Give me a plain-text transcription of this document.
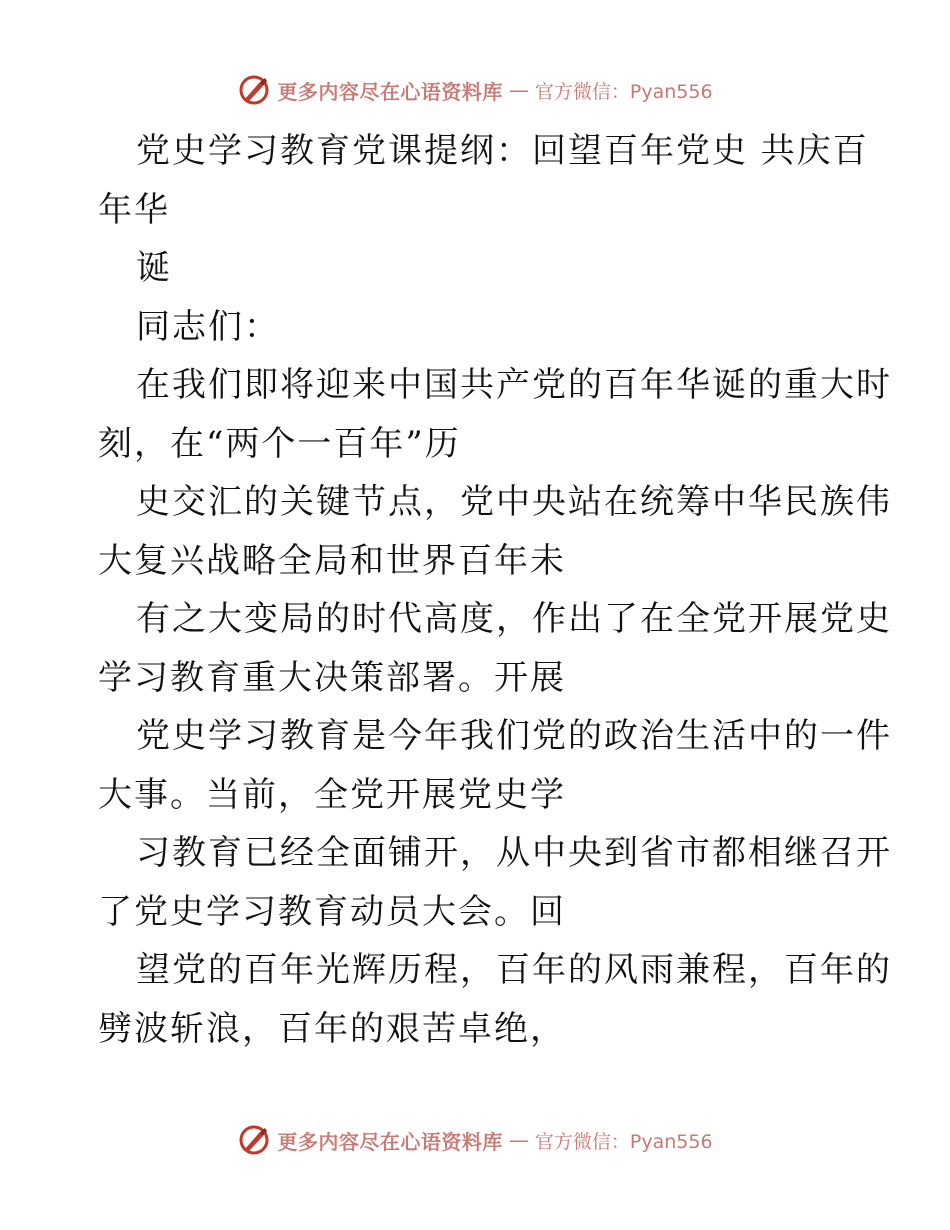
更多内容尽在心语资料库 — 官方微信：Pyan556
党史学习教育党课提纲：回望百年党史 共庆百
年华
诞
同志们：
在我们即将迎来中国共产党的百年华诞的重大时
刻，在“两个一百年”历
史交汇的关键节点，党中央站在统筹中华民族伟
大复兴战略全局和世界百年未
有之大变局的时代高度，作出了在全党开展党史
学习教育重大决策部署。开展
党史学习教育是今年我们党的政治生活中的一件
大事。当前，全党开展党史学
习教育已经全面铺开，从中央到省市都相继召开
了党史学习教育动员大会。回
望党的百年光辉历程，百年的风雨兼程，百年的
劈波斩浪，百年的艰苦卓绝，
更多内容尽在心语资料库 — 官方微信：Pyan556
